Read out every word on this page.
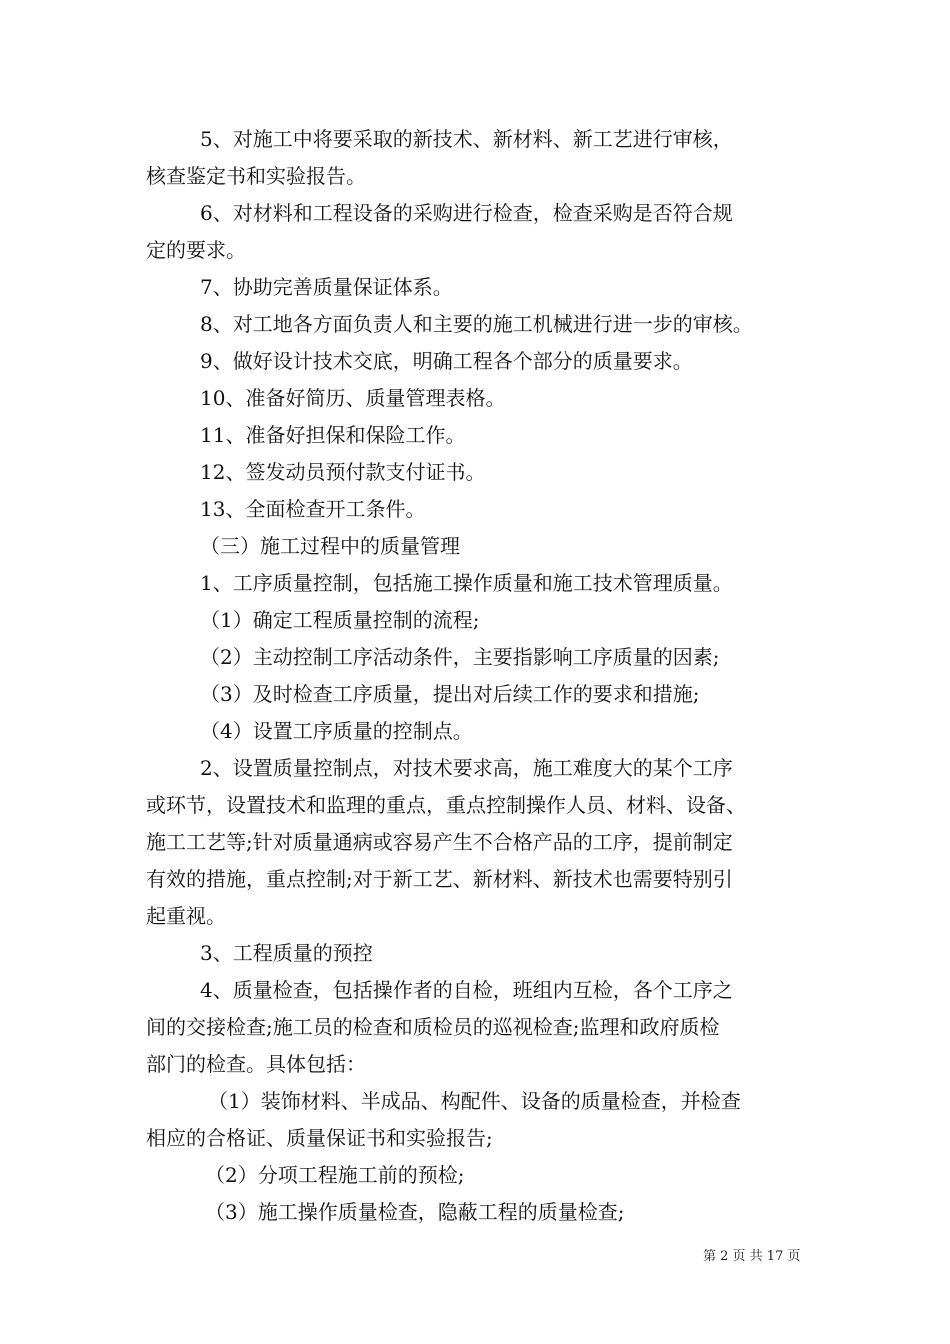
5、对施工中将要采取的新技术、新材料、新工艺进行审核，

核查鉴定书和实验报告。

6、对材料和工程设备的采购进行检查，检查采购是否符合规

定的要求。

7、协助完善质量保证体系。

8、对工地各方面负责人和主要的施工机械进行进一步的审核。

9、做好设计技术交底，明确工程各个部分的质量要求。

10、准备好简历、质量管理表格。

11、准备好担保和保险工作。

12、签发动员预付款支付证书。

13、全面检查开工条件。

（三）施工过程中的质量管理

1、工序质量控制，包括施工操作质量和施工技术管理质量。

（1）确定工程质量控制的流程;

（2）主动控制工序活动条件，主要指影响工序质量的因素;

（3）及时检查工序质量，提出对后续工作的要求和措施;

（4）设置工序质量的控制点。

2、设置质量控制点，对技术要求高，施工难度大的某个工序

或环节，设置技术和监理的重点，重点控制操作人员、材料、设备、

施工工艺等;针对质量通病或容易产生不合格产品的工序，提前制定

有效的措施，重点控制;对于新工艺、新材料、新技术也需要特别引

起重视。

3、工程质量的预控

4、质量检查，包括操作者的自检，班组内互检，各个工序之

间的交接检查;施工员的检查和质检员的巡视检查;监理和政府质检

部门的检查。具体包括：

（1）装饰材料、半成品、构配件、设备的质量检查，并检查

相应的合格证、质量保证书和实验报告;

（2）分项工程施工前的预检;

（3）施工操作质量检查，隐蔽工程的质量检查;

第 2 页 共 17 页
